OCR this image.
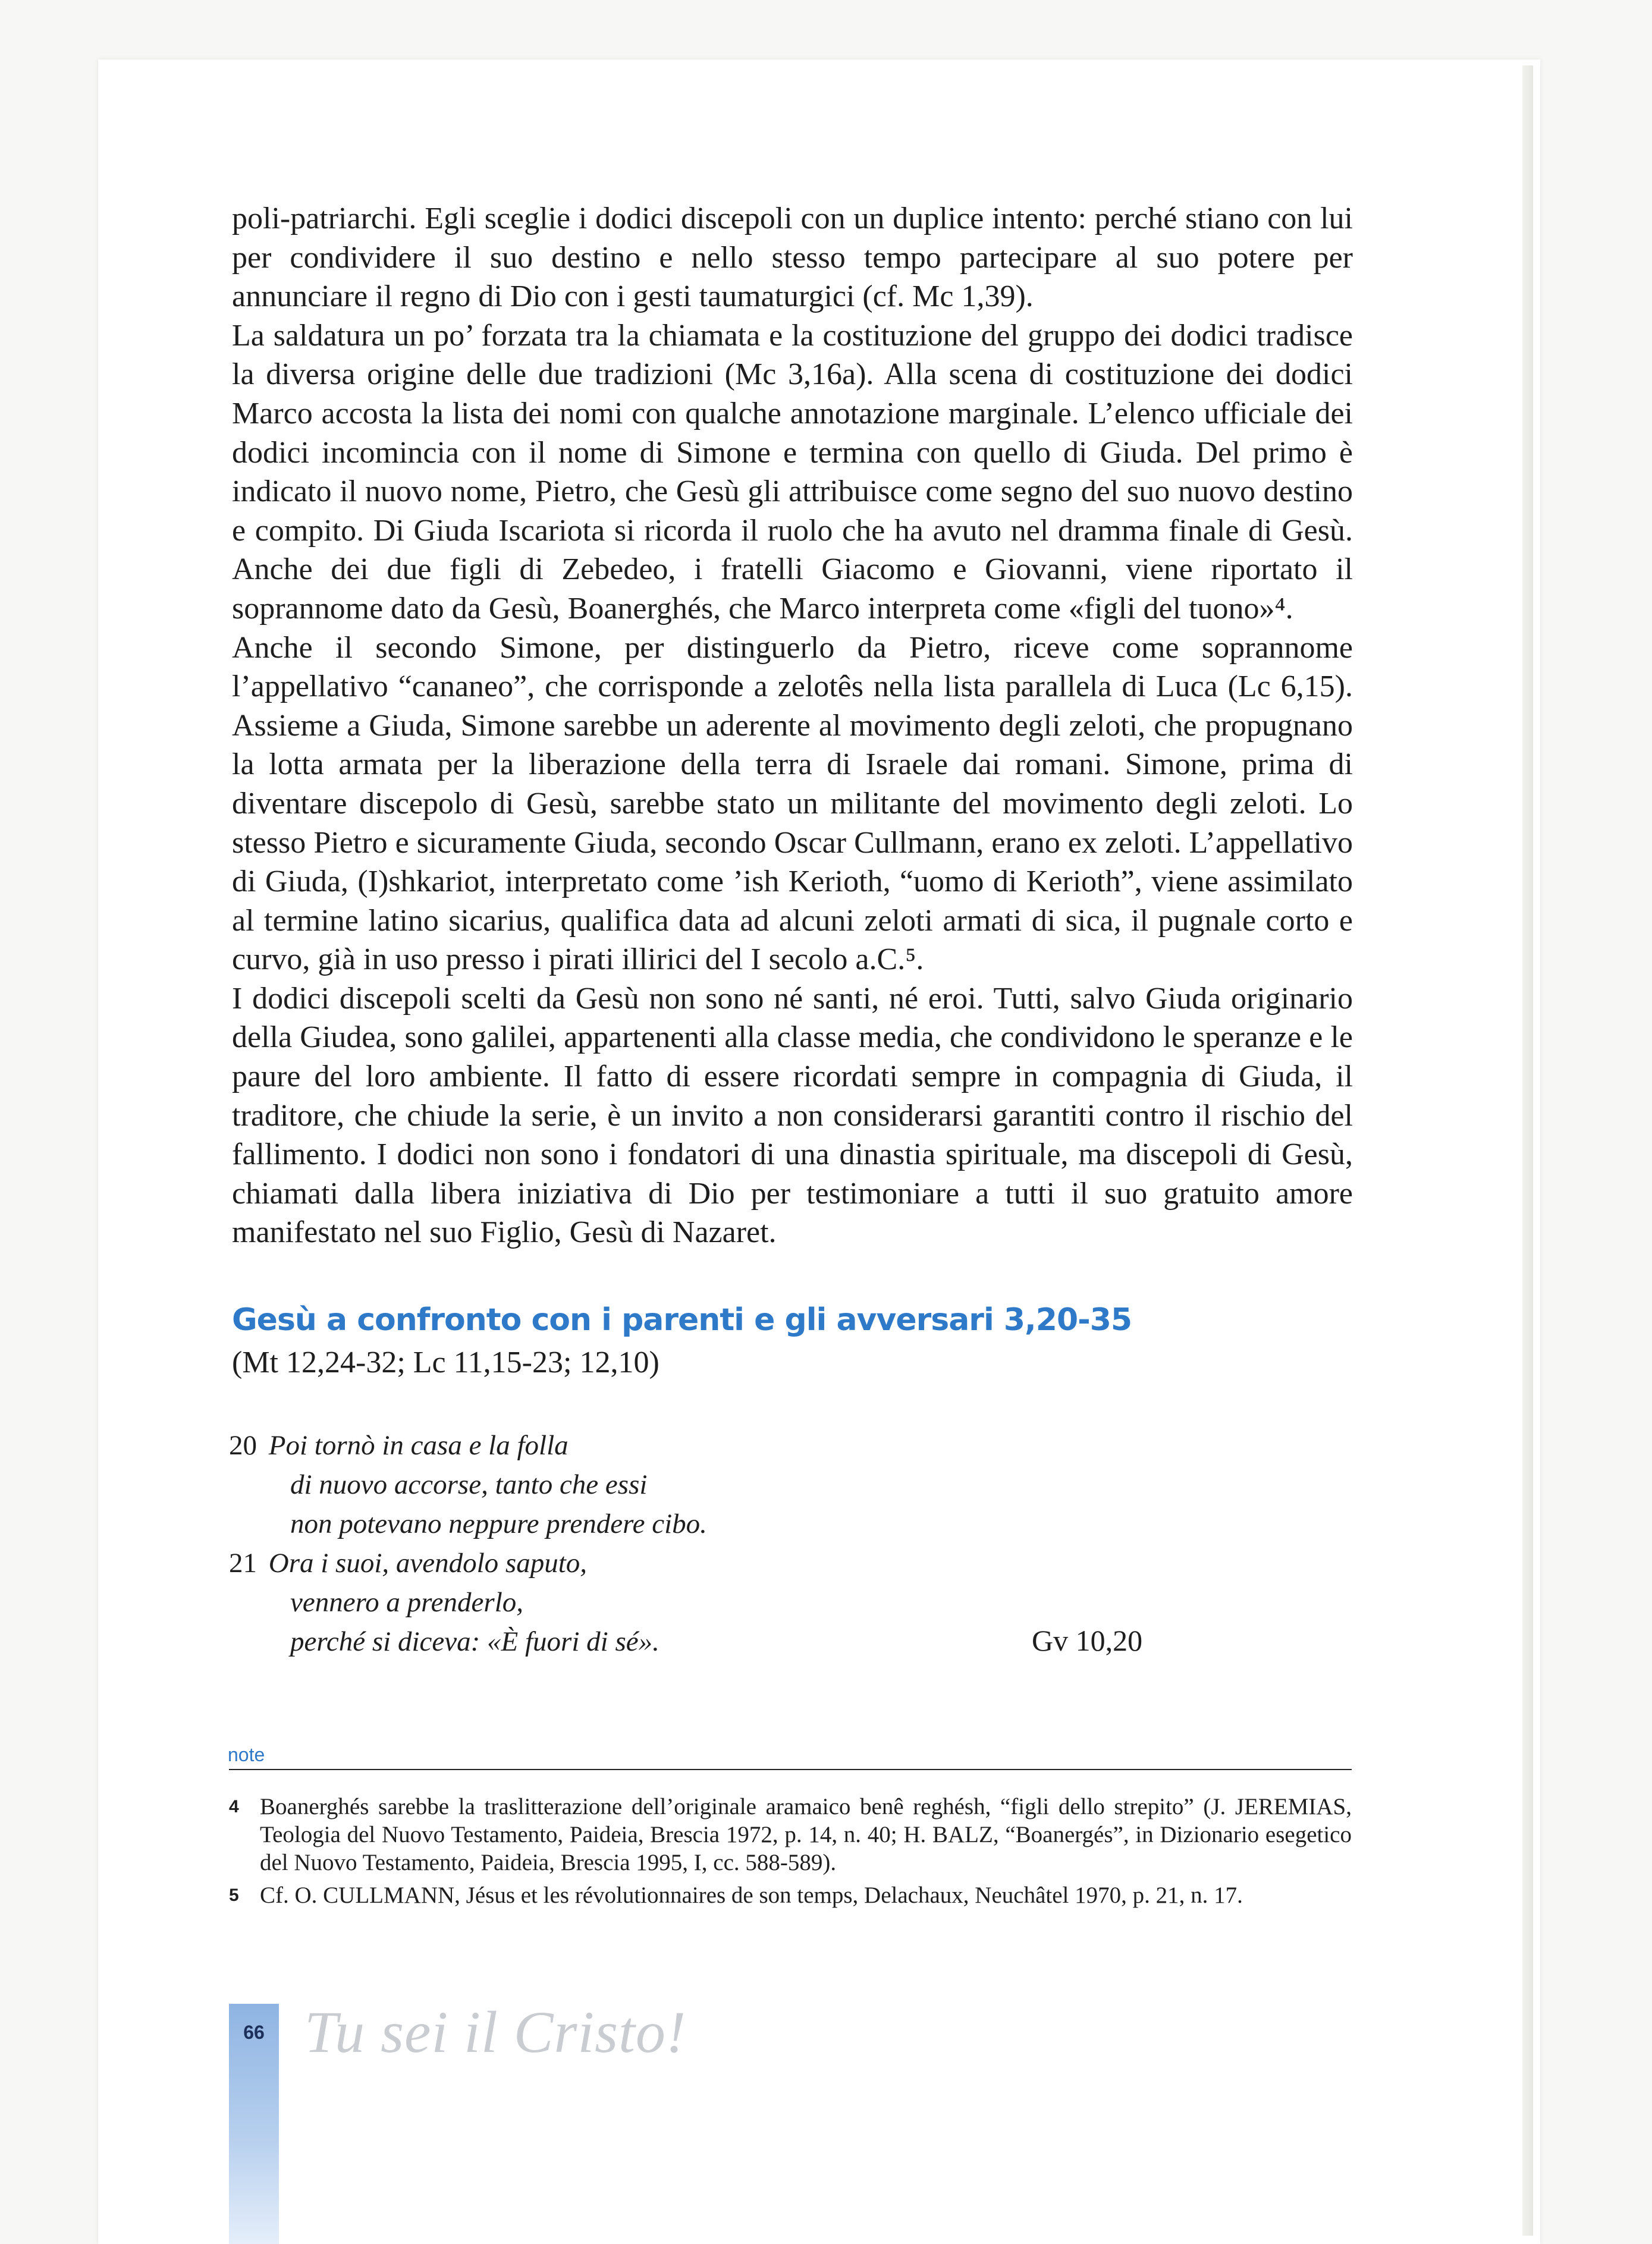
poli-patriarchi. Egli sceglie i dodici discepoli con un duplice intento: perché stiano con lui per condividere il suo destino e nello stesso tempo partecipare al suo potere per annunciare il regno di Dio con i gesti taumaturgici (cf. Mc 1,39).

La saldatura un po’ forzata tra la chiamata e la costituzione del gruppo dei dodici tradisce la diversa origine delle due tradizioni (Mc 3,16a). Alla scena di costituzione dei dodici Marco accosta la lista dei nomi con qualche annotazione marginale. L’elenco ufficiale dei dodici incomincia con il nome di Simone e termina con quello di Giuda. Del primo è indicato il nuovo nome, Pietro, che Gesù gli attribuisce come segno del suo nuovo destino e compito. Di Giuda Iscariota si ricorda il ruolo che ha avuto nel dramma finale di Gesù. Anche dei due figli di Zebedeo, i fratelli Giacomo e Giovanni, viene riportato il soprannome dato da Gesù, Boanerghés, che Marco interpreta come «figli del tuono»⁴.

Anche il secondo Simone, per distinguerlo da Pietro, riceve come soprannome l’appellativo “cananeo”, che corrisponde a zelotês nella lista parallela di Luca (Lc 6,15). Assieme a Giuda, Simone sarebbe un aderente al movimento degli zeloti, che propugnano la lotta armata per la liberazione della terra di Israele dai romani. Simone, prima di diventare discepolo di Gesù, sarebbe stato un militante del movimento degli zeloti. Lo stesso Pietro e sicuramente Giuda, secondo Oscar Cullmann, erano ex zeloti. L’appellativo di Giuda, (I)shkariot, interpretato come ’ish Kerioth, “uomo di Kerioth”, viene assimilato al termine latino sicarius, qualifica data ad alcuni zeloti armati di sica, il pugnale corto e curvo, già in uso presso i pirati illirici del I secolo a.C.⁵.

I dodici discepoli scelti da Gesù non sono né santi, né eroi. Tutti, salvo Giuda originario della Giudea, sono galilei, appartenenti alla classe media, che condividono le speranze e le paure del loro ambiente. Il fatto di essere ricordati sempre in compagnia di Giuda, il traditore, che chiude la serie, è un invito a non considerarsi garantiti contro il rischio del fallimento. I dodici non sono i fondatori di una dinastia spirituale, ma discepoli di Gesù, chiamati dalla libera iniziativa di Dio per testimoniare a tutti il suo gratuito amore manifestato nel suo Figlio, Gesù di Nazaret.

Gesù a confronto con i parenti e gli avversari 3,20-35
(Mt 12,24-32; Lc 11,15-23; 12,10)
20 Poi tornò in casa e la folla
di nuovo accorse, tanto che essi
non potevano neppure prendere cibo.
21 Ora i suoi, avendolo saputo,
vennero a prenderlo,
perché si diceva: «È fuori di sé».	Gv 10,20
note
4 Boanerghés sarebbe la traslitterazione dell’originale aramaico benê reghésh, “figli dello strepito” (J. JEREMIAS, Teologia del Nuovo Testamento, Paideia, Brescia 1972, p. 14, n. 40; H. BALZ, “Boanergés”, in Dizionario esegetico del Nuovo Testamento, Paideia, Brescia 1995, I, cc. 588-589).
5 Cf. O. CULLMANN, Jésus et les révolutionnaires de son temps, Delachaux, Neuchâtel 1970, p. 21, n. 17.
66 Tu sei il Cristo!
